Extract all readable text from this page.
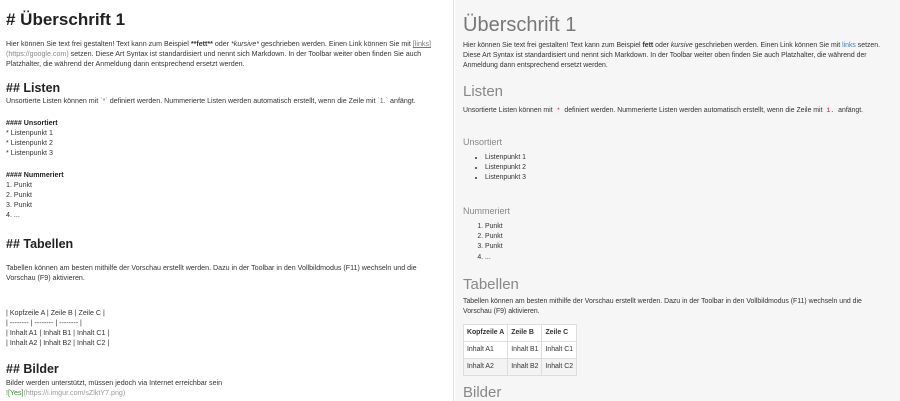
# Überschrift 1
Hier können Sie text frei gestalten! Text kann zum Beispiel **fett** oder *kursive* geschrieben werden. Einen Link können Sie mit [links](https://google.com) setzen. Diese Art Syntax ist standardisiert und nennt sich Markdown. In der Toolbar weiter oben finden Sie auch Platzhalter, die während der Anmeldung dann entsprechend ersetzt werden.
## Listen
Unsortierte Listen können mit `*` definiert werden. Nummerierte Listen werden automatisch erstellt, wenn die Zeile mit `1.` anfängt.
#### Unsortiert
* Listenpunkt 1
* Listenpunkt 2
* Listenpunkt 3
#### Nummeriert
1. Punkt
2. Punkt
3. Punkt
4. ...
## Tabellen
Tabellen können am besten mithilfe der Vorschau erstellt werden. Dazu in der Toolbar in den Vollbildmodus (F11) wechseln und die Vorschau (F9) aktivieren.
| Kopfzeile A | Zeile B | Zeile C |
| -------- | -------- | -------- |
| Inhalt A1 | Inhalt B1 | Inhalt C1 |
| Inhalt A2 | Inhalt B2 | Inhalt C2 |
## Bilder
Bilder werden unterstützt, müssen jedoch via Internet erreichbar sein
![Yes](https://i.imgur.com/sZlktY7.png)
Überschrift 1
Hier können Sie text frei gestalten! Text kann zum Beispiel fett oder kursive geschrieben werden. Einen Link können Sie mit links setzen. Diese Art Syntax ist standardisiert und nennt sich Markdown. In der Toolbar weiter oben finden Sie auch Platzhalter, die während der Anmeldung dann entsprechend ersetzt werden.
Listen
Unsortierte Listen können mit * definiert werden. Nummerierte Listen werden automatisch erstellt, wenn die Zeile mit 1. anfängt.
Unsortiert
• Listenpunkt 1
• Listenpunkt 2
• Listenpunkt 3
Nummeriert
1. Punkt
2. Punkt
3. Punkt
4. ...
Tabellen
Tabellen können am besten mithilfe der Vorschau erstellt werden. Dazu in der Toolbar in den Vollbildmodus (F11) wechseln und die Vorschau (F9) aktivieren.
Kopfzeile A	Zeile B	Zeile C
Inhalt A1	Inhalt B1	Inhalt C1
Inhalt A2	Inhalt B2	Inhalt C2
Bilder
